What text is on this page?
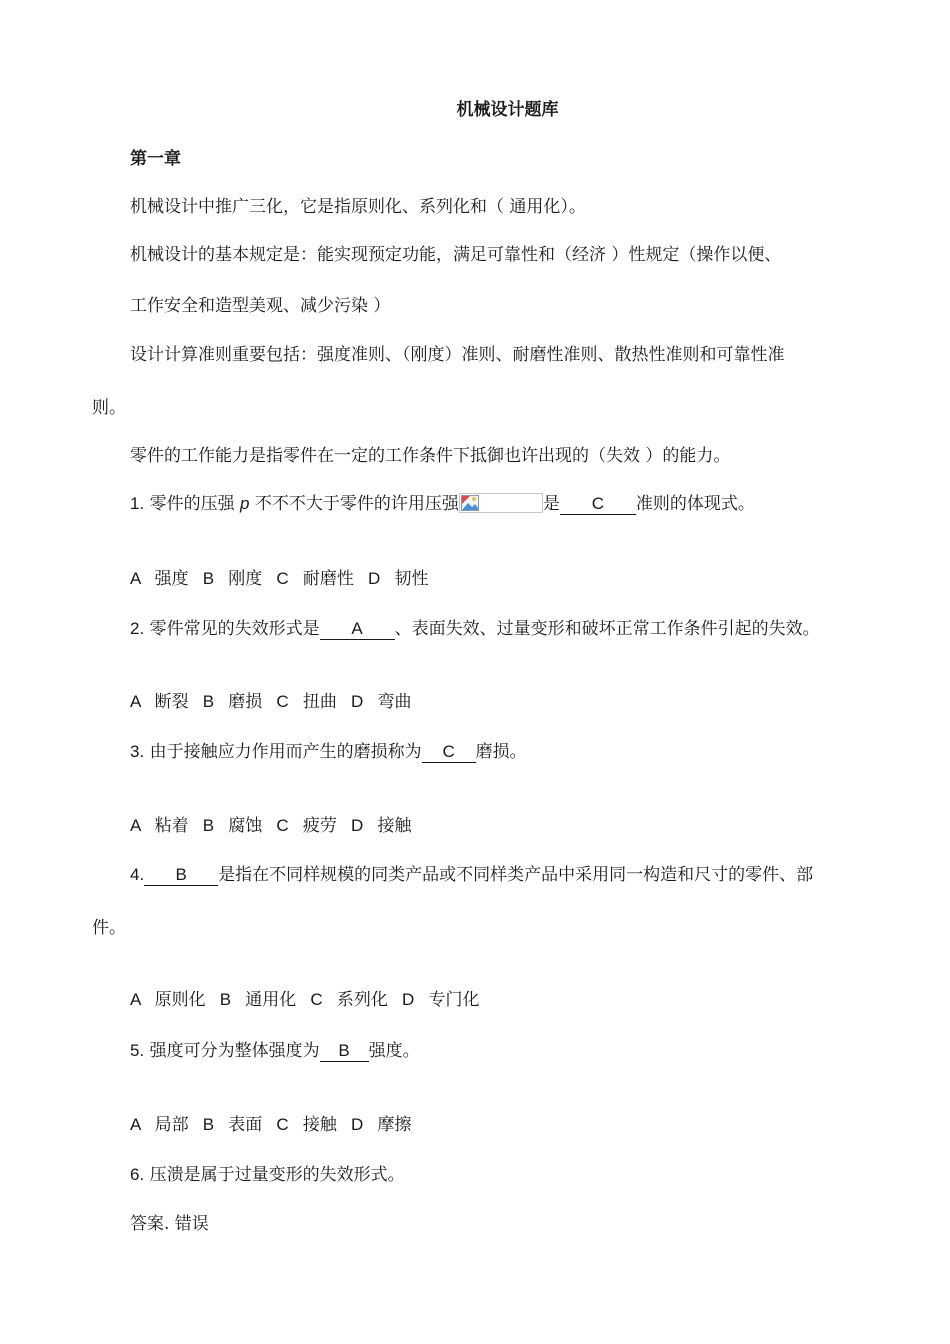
机械设计题库
第一章
机械设计中推广三化，它是指原则化、系列化和（ 通用化）。
机械设计的基本规定是：能实现预定功能，满足可靠性和（经济 ）性规定（操作以便、
工作安全和造型美观、减少污染 ）
设计计算准则重要包括：强度准则、（刚度）准则、耐磨性准则、散热性准则和可靠性准
则。
零件的工作能力是指零件在一定的工作条件下抵御也许出现的（失效 ）的能力。
1. 零件的压强 p 不不不大于零件的许用压强	是 C 准则的体现式。
A   强度   B   刚度   C   耐磨性   D   韧性
2. 零件常见的失效形式是 A 、表面失效、过量变形和破坏正常工作条件引起的失效。
A   断裂   B   磨损   C   扭曲   D   弯曲
3. 由于接触应力作用而产生的磨损称为 C 磨损。
A   粘着   B   腐蚀   C   疲劳   D   接触
4. B 是指在不同样规模的同类产品或不同样类产品中采用同一构造和尺寸的零件、部
件。
A   原则化   B   通用化   C   系列化   D   专门化
5. 强度可分为整体强度为 B 强度。
A   局部   B   表面   C   接触   D   摩擦
6. 压溃是属于过量变形的失效形式。
答案. 错误
